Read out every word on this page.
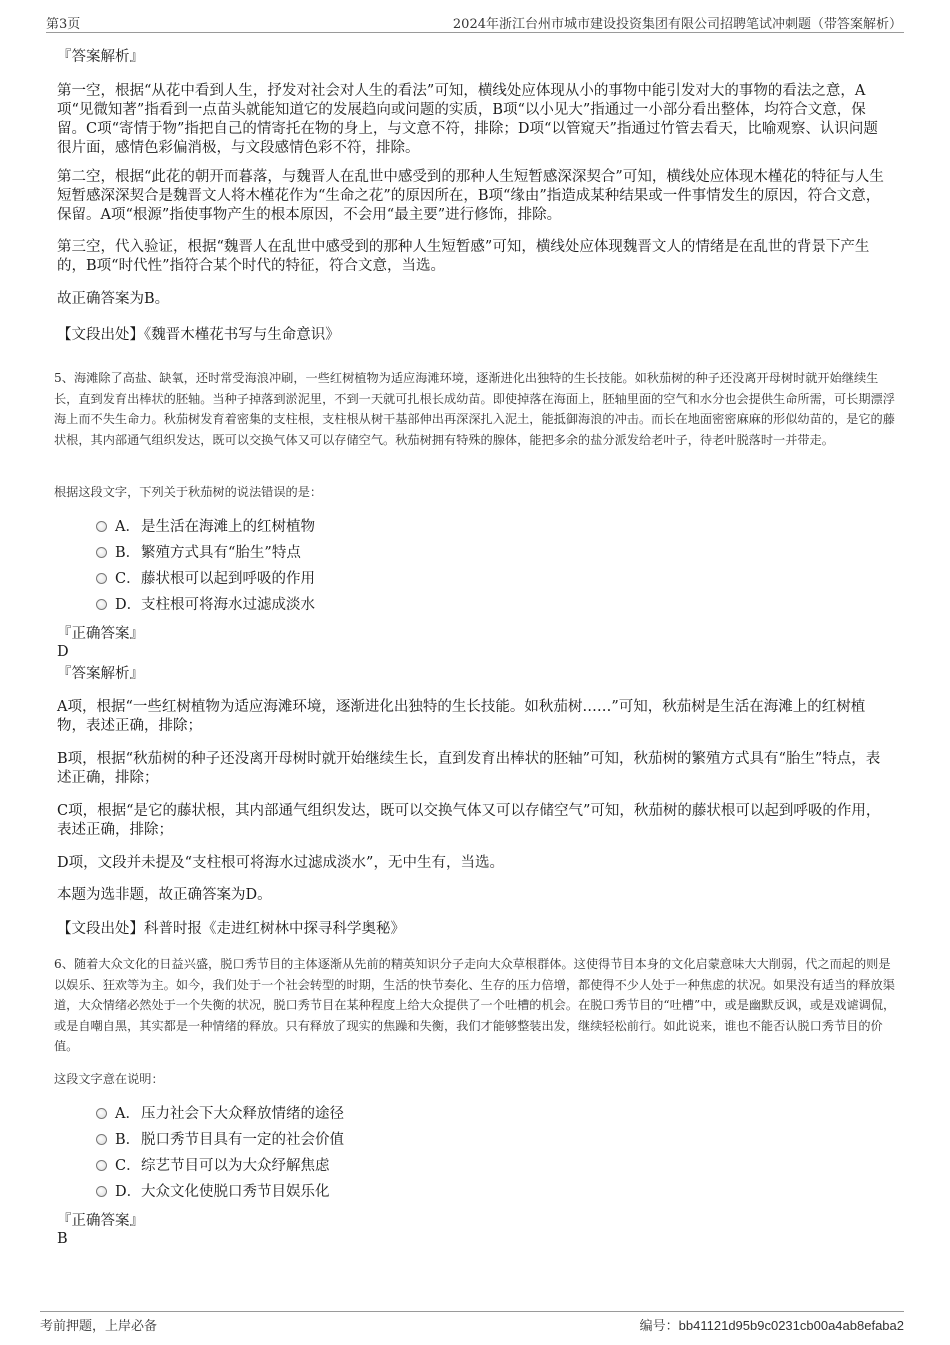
第3页	2024年浙江台州市城市建设投资集团有限公司招聘笔试冲刺题（带答案解析）
『答案解析』

第一空，根据“从花中看到人生，抒发对社会对人生的看法”可知，横线处应体现从小的事物中能引发对大的事物的看法之意，A项“见微知著”指看到一点苗头就能知道它的发展趋向或问题的实质，B项“以小见大”指通过一小部分看出整体，均符合文意，保留。C项“寄情于物”指把自己的情寄托在物的身上，与文意不符，排除；D项“以管窥天”指通过竹管去看天，比喻观察、认识问题很片面，感情色彩偏消极，与文段感情色彩不符，排除。

第二空，根据“此花的朝开而暮落，与魏晋人在乱世中感受到的那种人生短暂感深深契合”可知，横线处应体现木槿花的特征与人生短暂感深深契合是魏晋文人将木槿花作为“生命之花”的原因所在，B项“缘由”指造成某种结果或一件事情发生的原因，符合文意，保留。A项“根源”指使事物产生的根本原因，不会用“最主要”进行修饰，排除。

第三空，代入验证，根据“魏晋人在乱世中感受到的那种人生短暂感”可知，横线处应体现魏晋文人的情绪是在乱世的背景下产生的，B项“时代性”指符合某个时代的特征，符合文意，当选。

故正确答案为B。
【文段出处】《魏晋木槿花书写与生命意识》

5、海滩除了高盐、缺氧，还时常受海浪冲刷，一些红树植物为适应海滩环境，逐渐进化出独特的生长技能。如秋茄树的种子还没离开母树时就开始继续生长，直到发育出棒状的胚轴。当种子掉落到淤泥里，不到一天就可扎根长成幼苗。即使掉落在海面上，胚轴里面的空气和水分也会提供生命所需，可长期漂浮海上而不失生命力。秋茄树发育着密集的支柱根，支柱根从树干基部伸出再深深扎入泥土，能抵御海浪的冲击。而长在地面密密麻麻的形似幼苗的，是它的藤状根，其内部通气组织发达，既可以交换气体又可以存储空气。秋茄树拥有特殊的腺体，能把多余的盐分派发给老叶子，待老叶脱落时一并带走。

根据这段文字，下列关于秋茄树的说法错误的是：
A．是生活在海滩上的红树植物
B．繁殖方式具有“胎生”特点
C．藤状根可以起到呼吸的作用
D．支柱根可将海水过滤成淡水
『正确答案』
D
『答案解析』

A项，根据“一些红树植物为适应海滩环境，逐渐进化出独特的生长技能。如秋茄树……”可知，秋茄树是生活在海滩上的红树植物，表述正确，排除；

B项，根据“秋茄树的种子还没离开母树时就开始继续生长，直到发育出棒状的胚轴”可知，秋茄树的繁殖方式具有“胎生”特点，表述正确，排除；

C项，根据“是它的藤状根，其内部通气组织发达，既可以交换气体又可以存储空气”可知，秋茄树的藤状根可以起到呼吸的作用，表述正确，排除；

D项，文段并未提及“支柱根可将海水过滤成淡水”，无中生有，当选。
本题为选非题，故正确答案为D。
【文段出处】科普时报《走进红树林中探寻科学奥秘》

6、随着大众文化的日益兴盛，脱口秀节目的主体逐渐从先前的精英知识分子走向大众草根群体。这使得节目本身的文化启蒙意味大大削弱，代之而起的则是以娱乐、狂欢等为主。如今，我们处于一个社会转型的时期，生活的快节奏化、生存的压力倍增，都使得不少人处于一种焦虑的状况。如果没有适当的释放渠道，大众情绪必然处于一个失衡的状况，脱口秀节目在某种程度上给大众提供了一个吐槽的机会。在脱口秀节目的“吐槽”中，或是幽默反讽，或是戏谑调侃，或是自嘲自黑，其实都是一种情绪的释放。只有释放了现实的焦躁和失衡，我们才能够整装出发，继续轻松前行。如此说来，谁也不能否认脱口秀节目的价值。

这段文字意在说明：
A．压力社会下大众释放情绪的途径
B．脱口秀节目具有一定的社会价值
C．综艺节目可以为大众纾解焦虑
D．大众文化使脱口秀节目娱乐化
『正确答案』
B
考前押题，上岸必备	编号：bb41121d95b9c0231cb00a4ab8efaba2
